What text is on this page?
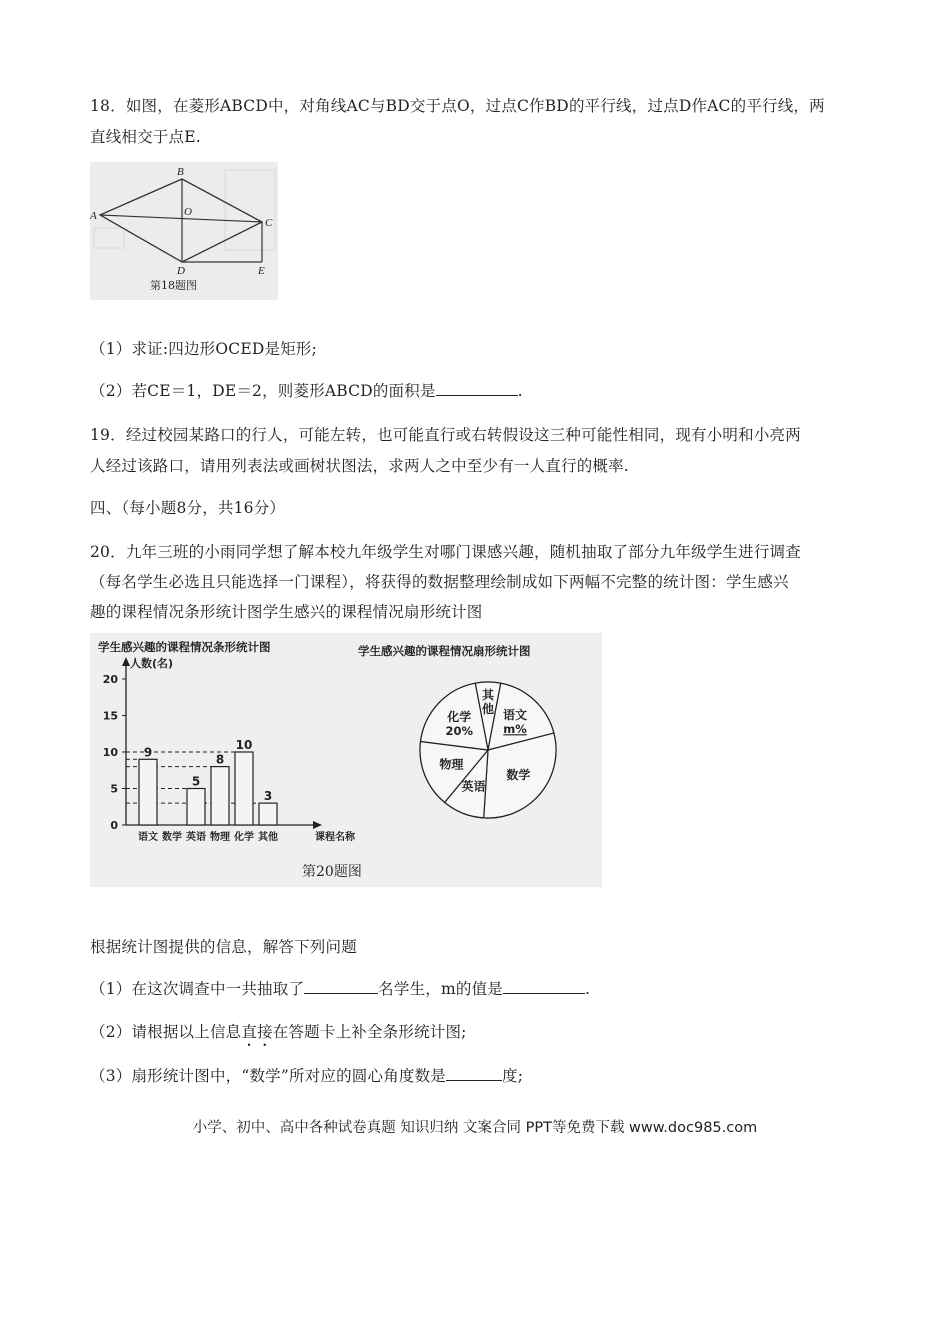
18．如图，在菱形ABCD中，对角线AC与BD交于点O，过点C作BD的平行线，过点D作AC的平行线，两
直线相交于点E.
A
B
C
D
O
E
第18题图
（1）求证:四边形OCED是矩形;
（2）若CE＝1，DE＝2，则菱形ABCD的面积是	.
19．经过校园某路口的行人，可能左转，也可能直行或右转假设这三种可能性相同，现有小明和小亮两
人经过该路口，请用列表法或画树状图法，求两人之中至少有一人直行的概率.
四、（每小题8分，共16分）
20．九年三班的小雨同学想了解本校九年级学生对哪门课感兴趣，随机抽取了部分九年级学生进行调查
（每名学生必选且只能选择一门课程），将获得的数据整理绘制成如下两幅不完整的统计图：学生感兴
趣的课程情况条形统计图学生感兴的课程情况扇形统计图
学生感兴趣的课程情况条形统计图
人数(名)
课程名称
0
5
10
15
20
9
5
8
10
3
语文 数学 英语 物理 化学 其他
学生感兴趣的课程情况扇形统计图
其
他 语文
m%
数学
英语
物理
化学
20%
第20题图
根据统计图提供的信息，解答下列问题
（1）在这次调查中一共抽取了	名学生，m的值是	.
（2）请根据以上信息直接在答题卡上补全条形统计图;
（3）扇形统计图中，“数学”所对应的圆心角度数是	度;
小学、初中、高中各种试卷真题 知识归纳 文案合同 PPT等免费下载 www.doc985.com
